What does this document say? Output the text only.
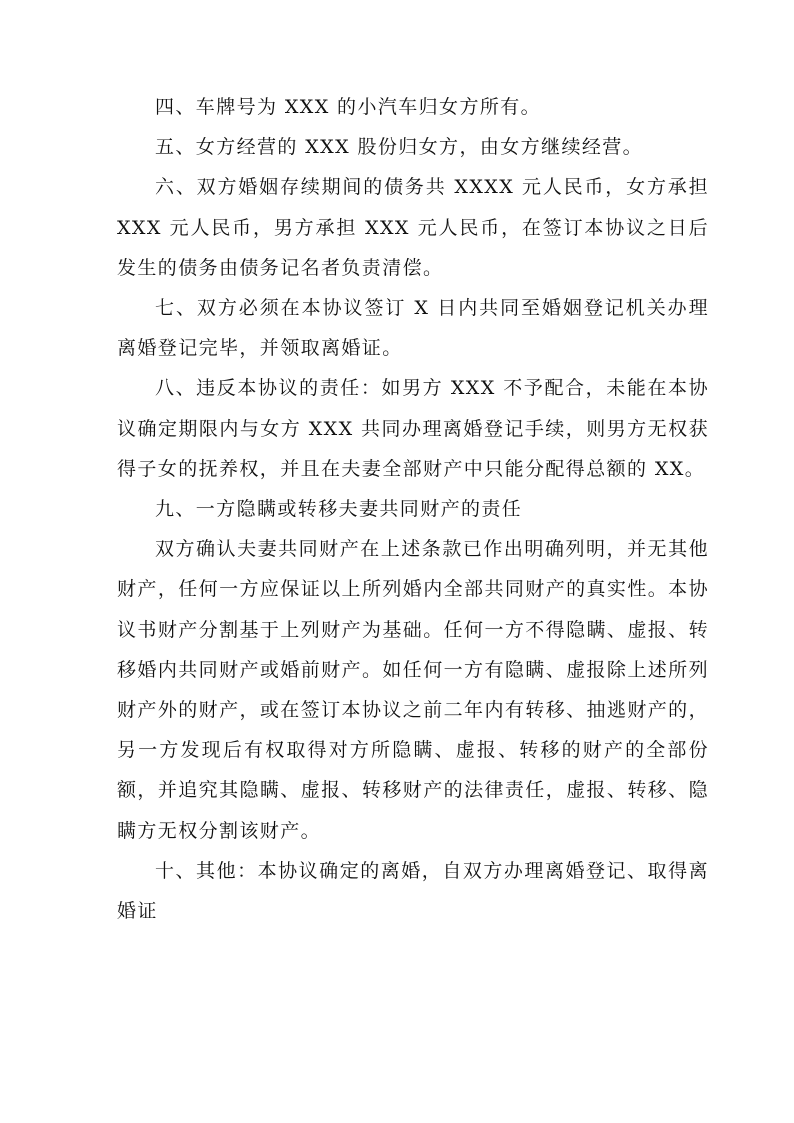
四、车牌号为 XXX 的小汽车归女方所有。

五、女方经营的 XXX 股份归女方，由女方继续经营。

六、双方婚姻存续期间的债务共 XXXX 元人民币，女方承担 XXX 元人民币，男方承担 XXX 元人民币，在签订本协议之日后发生的债务由债务记名者负责清偿。

七、双方必须在本协议签订 X 日内共同至婚姻登记机关办理离婚登记完毕，并领取离婚证。

八、违反本协议的责任：如男方 XXX 不予配合，未能在本协议确定期限内与女方 XXX 共同办理离婚登记手续，则男方无权获得子女的抚养权，并且在夫妻全部财产中只能分配得总额的 XX。

九、一方隐瞒或转移夫妻共同财产的责任

双方确认夫妻共同财产在上述条款已作出明确列明，并无其他财产，任何一方应保证以上所列婚内全部共同财产的真实性。本协议书财产分割基于上列财产为基础。任何一方不得隐瞒、虚报、转移婚内共同财产或婚前财产。如任何一方有隐瞒、虚报除上述所列财产外的财产，或在签订本协议之前二年内有转移、抽逃财产的，另一方发现后有权取得对方所隐瞒、虚报、转移的财产的全部份额，并追究其隐瞒、虚报、转移财产的法律责任，虚报、转移、隐瞒方无权分割该财产。

十、其他：本协议确定的离婚，自双方办理离婚登记、取得离婚证
